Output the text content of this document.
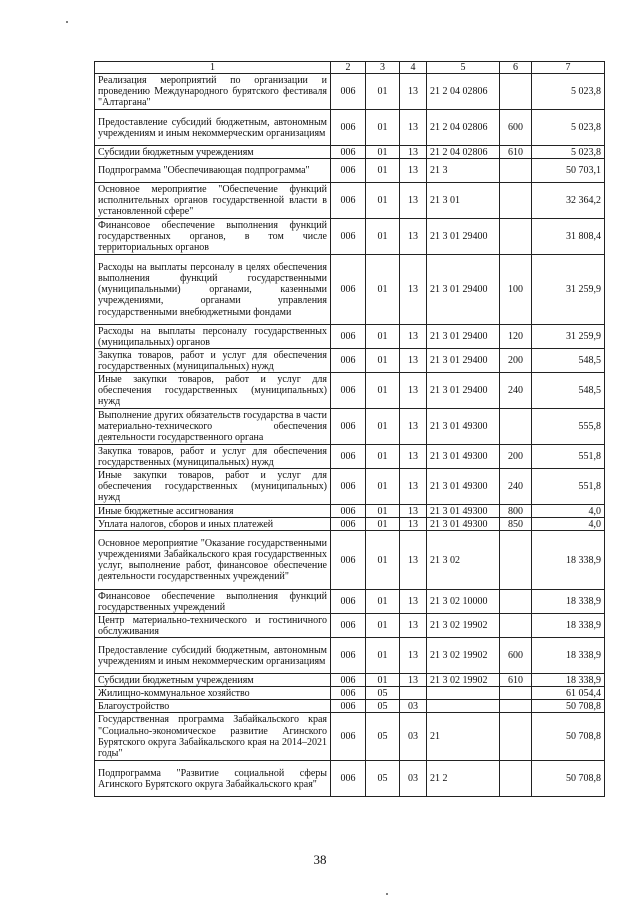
1	2	3	4	5	6	7
Реализация мероприятий по организации и проведению Международного бурятского фестиваля "Алтаргана"	006	01	13	21 2 04 02806		5 023,8
Предоставление субсидий бюджетным, автономным учреждениям и иным некоммерческим организациям	006	01	13	21 2 04 02806	600	5 023,8
Субсидии бюджетным учреждениям	006	01	13	21 2 04 02806	610	5 023,8
Подпрограмма "Обеспечивающая подпрограмма"	006	01	13	21 3		50 703,1
Основное мероприятие "Обеспечение функций исполнительных органов государственной власти в установленной сфере"	006	01	13	21 3 01		32 364,2
Финансовое обеспечение выполнения функций государственных органов, в том числе территориальных органов	006	01	13	21 3 01 29400		31 808,4
Расходы на выплаты персоналу в целях обеспечения выполнения функций государственными (муниципальными) органами, казенными учреждениями, органами управления государственными внебюджетными фондами	006	01	13	21 3 01 29400	100	31 259,9
Расходы на выплаты персоналу государственных (муниципальных) органов	006	01	13	21 3 01 29400	120	31 259,9
Закупка товаров, работ и услуг для обеспечения государственных (муниципальных) нужд	006	01	13	21 3 01 29400	200	548,5
Иные закупки товаров, работ и услуг для обеспечения государственных (муниципальных) нужд	006	01	13	21 3 01 29400	240	548,5
Выполнение других обязательств государства в части материально-технического обеспечения деятельности государственного органа	006	01	13	21 3 01 49300		555,8
Закупка товаров, работ и услуг для обеспечения государственных (муниципальных) нужд	006	01	13	21 3 01 49300	200	551,8
Иные закупки товаров, работ и услуг для обеспечения государственных (муниципальных) нужд	006	01	13	21 3 01 49300	240	551,8
Иные бюджетные ассигнования	006	01	13	21 3 01 49300	800	4,0
Уплата налогов, сборов и иных платежей	006	01	13	21 3 01 49300	850	4,0
Основное мероприятие "Оказание государственными учреждениями Забайкальского края государственных услуг, выполнение работ, финансовое обеспечение деятельности государственных учреждений"	006	01	13	21 3 02		18 338,9
Финансовое обеспечение выполнения функций государственных учреждений	006	01	13	21 3 02 10000		18 338,9
Центр материально-технического и гостиничного обслуживания	006	01	13	21 3 02 19902		18 338,9
Предоставление субсидий бюджетным, автономным учреждениям и иным некоммерческим организациям	006	01	13	21 3 02 19902	600	18 338,9
Субсидии бюджетным учреждениям	006	01	13	21 3 02 19902	610	18 338,9
Жилищно-коммунальное хозяйство	006	05				61 054,4
Благоустройство	006	05	03			50 708,8
Государственная программа Забайкальского края "Социально-экономическое развитие Агинского Бурятского округа Забайкальского края на 2014–2021 годы"	006	05	03	21		50 708,8
Подпрограмма "Развитие социальной сферы Агинского Бурятского округа Забайкальского края"	006	05	03	21 2		50 708,8
38
